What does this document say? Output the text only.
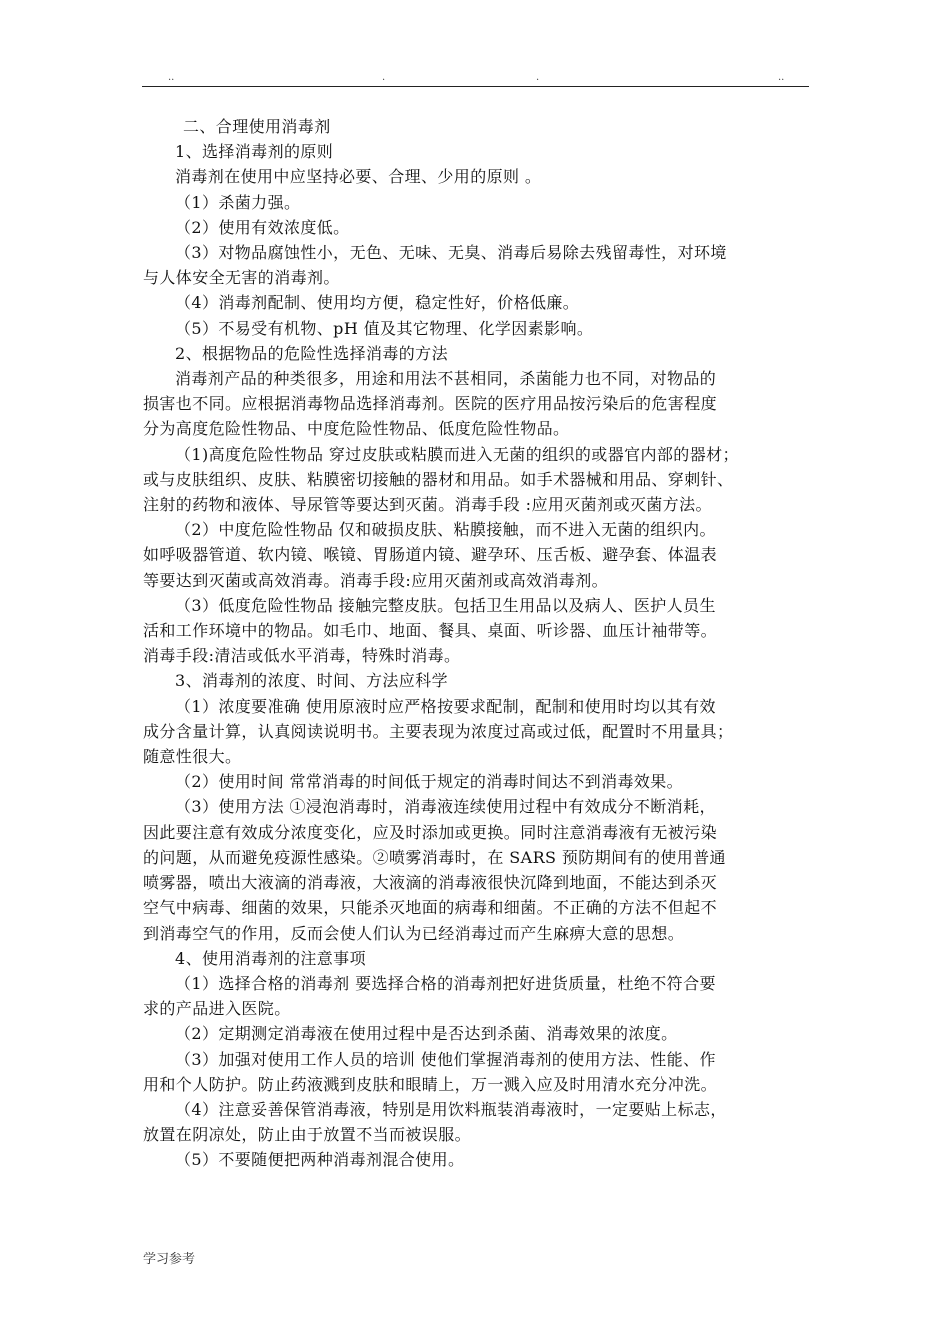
..	.	.	..
二、合理使用消毒剂
1、选择消毒剂的原则
消毒剂在使用中应坚持必要、合理、少用的原则 。
（1）杀菌力强。
（2）使用有效浓度低。
（3）对物品腐蚀性小，无色、无味、无臭、消毒后易除去残留毒性，对环境
与人体安全无害的消毒剂。
（4）消毒剂配制、使用均方便，稳定性好，价格低廉。
（5）不易受有机物、pH 值及其它物理、化学因素影响。
2、根据物品的危险性选择消毒的方法
消毒剂产品的种类很多，用途和用法不甚相同，杀菌能力也不同，对物品的
损害也不同。应根据消毒物品选择消毒剂。医院的医疗用品按污染后的危害程度
分为高度危险性物品、中度危险性物品、低度危险性物品。
（1)高度危险性物品 穿过皮肤或粘膜而进入无菌的组织的或器官内部的器材；
或与皮肤组织、皮肤、粘膜密切接触的器材和用品。如手术器械和用品、穿刺针、
注射的药物和液体、导尿管等要达到灭菌。消毒手段 :应用灭菌剂或灭菌方法。
（2）中度危险性物品 仅和破损皮肤、粘膜接触，而不进入无菌的组织内。
如呼吸器管道、软内镜、喉镜、胃肠道内镜、避孕环、压舌板、避孕套、体温表
等要达到灭菌或高效消毒。消毒手段:应用灭菌剂或高效消毒剂。
（3）低度危险性物品 接触完整皮肤。包括卫生用品以及病人、医护人员生
活和工作环境中的物品。如毛巾、地面、餐具、桌面、听诊器、血压计袖带等。
消毒手段:清洁或低水平消毒，特殊时消毒。
3、消毒剂的浓度、时间、方法应科学
（1）浓度要准确 使用原液时应严格按要求配制，配制和使用时均以其有效
成分含量计算，认真阅读说明书。主要表现为浓度过高或过低，配置时不用量具；
随意性很大。
（2）使用时间 常常消毒的时间低于规定的消毒时间达不到消毒效果。
（3）使用方法 ①浸泡消毒时，消毒液连续使用过程中有效成分不断消耗，
因此要注意有效成分浓度变化，应及时添加或更换。同时注意消毒液有无被污染
的问题，从而避免疫源性感染。②喷雾消毒时，在 SARS 预防期间有的使用普通
喷雾器，喷出大液滴的消毒液，大液滴的消毒液很快沉降到地面，不能达到杀灭
空气中病毒、细菌的效果，只能杀灭地面的病毒和细菌。不正确的方法不但起不
到消毒空气的作用，反而会使人们认为已经消毒过而产生麻痹大意的思想。
4、使用消毒剂的注意事项
（1）选择合格的消毒剂 要选择合格的消毒剂把好进货质量，杜绝不符合要
求的产品进入医院。
（2）定期测定消毒液在使用过程中是否达到杀菌、消毒效果的浓度。
（3）加强对使用工作人员的培训 使他们掌握消毒剂的使用方法、性能、作
用和个人防护。防止药液溅到皮肤和眼睛上，万一溅入应及时用清水充分冲洗。
（4）注意妥善保管消毒液，特别是用饮料瓶装消毒液时，一定要贴上标志，
放置在阴凉处，防止由于放置不当而被误服。
（5）不要随便把两种消毒剂混合使用。
学习参考
